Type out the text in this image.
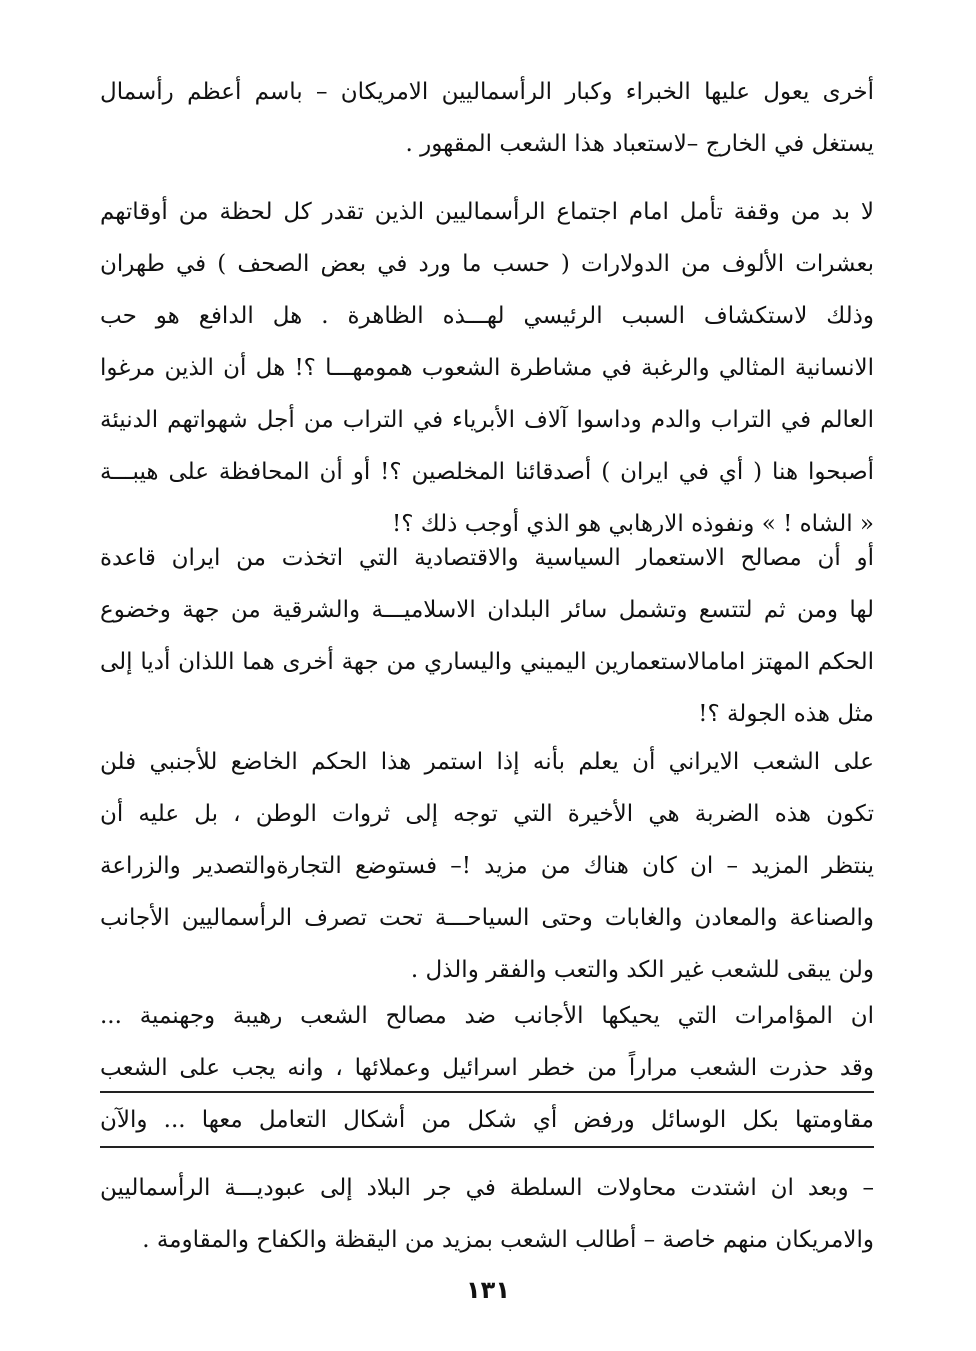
أخرى يعول عليها الخبراء وكبار الرأسماليين الامريكان – باسم أعظم رأسمال
يستغل في الخارج –لاستعباد هذا الشعب المقهور .
لا بد من وقفة تأمل امام اجتماع الرأسماليين الذين تقدر كل لحظة من أوقاتهم
بعشرات الألوف من الدولارات ( حسب ما ورد في بعض الصحف ) في طهران
وذلك لاستكشاف السبب الرئيسي لهـــذه الظاهرة . هل الدافع هو حب
الانسانية المثالي والرغبة في مشاطرة الشعوب همومهـــا ؟! هل أن الذين مرغوا
العالم في التراب والدم وداسوا آلاف الأبرياء في التراب من أجل شهواتهم الدنيئة
أصبحوا هنا ( أي في ايران ) أصدقائنا المخلصين ؟! أو أن المحافظة على هيبـــة
« الشاه ! » ونفوذه الارهابي هو الذي أوجب ذلك ؟!
أو أن مصالح الاستعمار السياسية والاقتصادية التي اتخذت من ايران قاعدة
لها ومن ثم لتتسع وتشمل سائر البلدان الاسلاميـــة والشرقية من جهة وخضوع
الحكم المهتز امامالاستعمارين اليميني واليساري من جهة أخرى هما اللذان أديا إلى
مثل هذه الجولة ؟!
على الشعب الايراني أن يعلم بأنه إذا استمر هذا الحكم الخاضع للأجنبي فلن
تكون هذه الضربة هي الأخيرة التي توجه إلى ثروات الوطن ، بل عليه أن
ينتظر المزيد – ان كان هناك من مزيد !– فستوضع التجارةوالتصدير والزراعة
والصناعة والمعادن والغابات وحتى السياحـــة تحت تصرف الرأسماليين الأجانب
ولن يبقى للشعب غير الكد والتعب والفقر والذل .
ان المؤامرات التي يحيكها الأجانب ضد مصالح الشعب رهيبة وجهنمية ...
وقد حذرت الشعب مراراً من خطر اسرائيل وعملائها ، وانه يجب على الشعب
مقاومتها بكل الوسائل ورفض أي شكل من أشكال التعامل معها ... والآن
– وبعد ان اشتدت محاولات السلطة في جر البلاد إلى عبوديـــة الرأسماليين
والامريكان منهم خاصة – أطالب الشعب بمزيد من اليقظة والكفاح والمقاومة .
١٣١
